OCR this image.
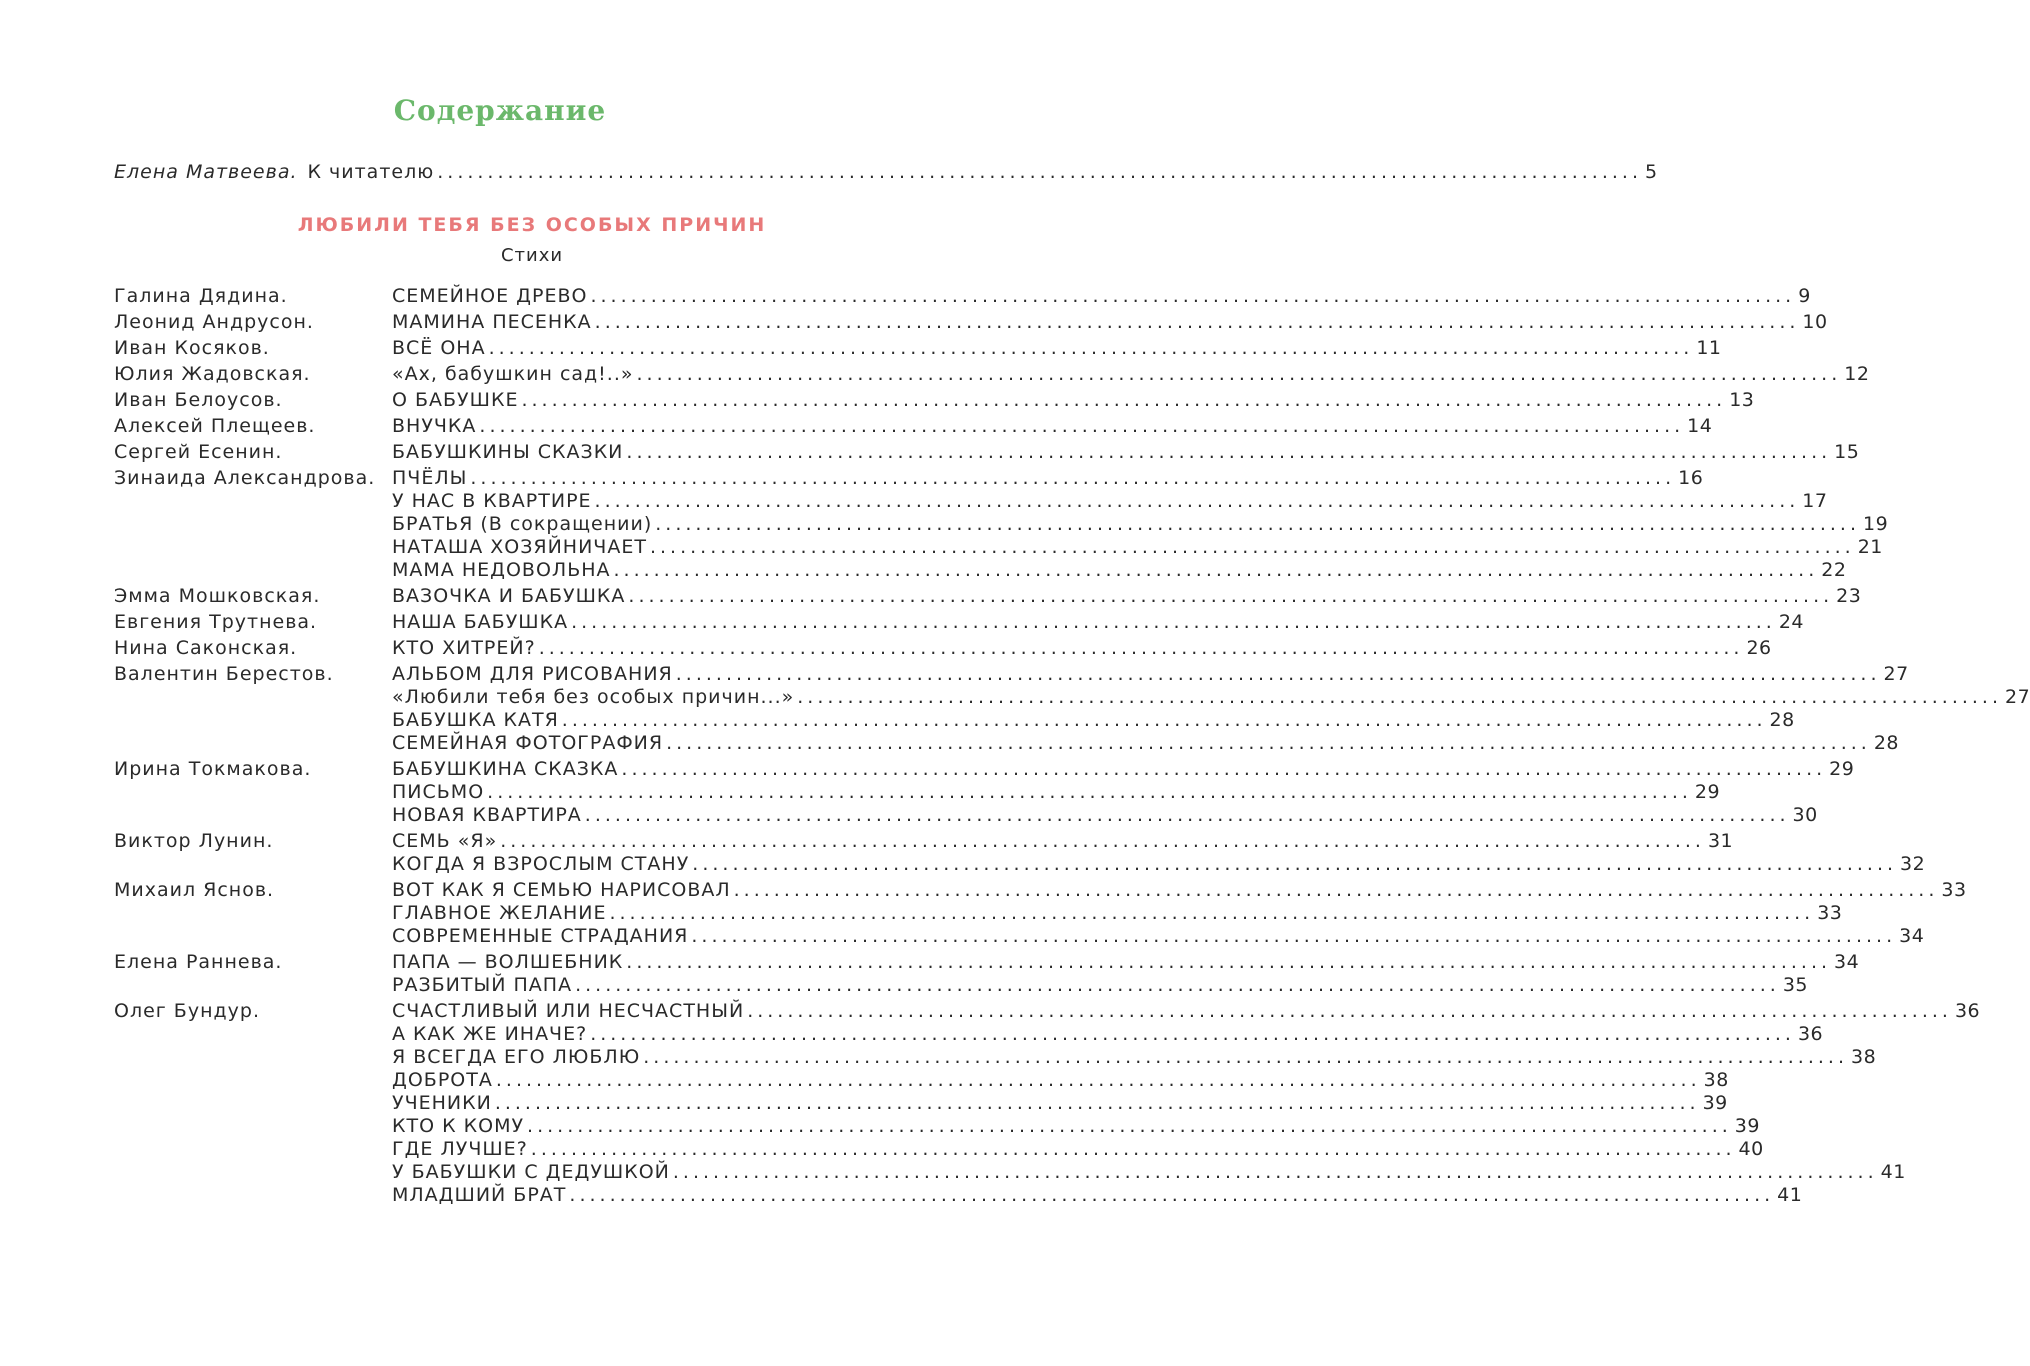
Содержание
Елена Матвеева. К читателю ........................................................................................................................ 5
ЛЮБИЛИ ТЕБЯ БЕЗ ОСОБЫХ ПРИЧИН
Стихи
Галина Дядина.	СЕМЕЙНОЕ ДРЕВО ........................................................................................................................ 9
Леонид Андрусон.	МАМИНА ПЕСЕНКА ........................................................................................................................ 10
Иван Косяков.	ВСЁ ОНА ........................................................................................................................ 11
Юлия Жадовская.	«Ах, бабушкин сад!..» ........................................................................................................................ 12
Иван Белоусов.	О БАБУШКЕ ........................................................................................................................ 13
Алексей Плещеев.	ВНУЧКА ........................................................................................................................ 14
Сергей Есенин.	БАБУШКИНЫ СКАЗКИ ........................................................................................................................ 15
Зинаида Александрова. ПЧЁЛЫ ........................................................................................................................ 16
У НАС В КВАРТИРЕ ........................................................................................................................ 17
БРАТЬЯ (В сокращении) ........................................................................................................................ 19
НАТАША ХОЗЯЙНИЧАЕТ ........................................................................................................................ 21
МАМА НЕДОВОЛЬНА ........................................................................................................................ 22
Эмма Мошковская.	ВАЗОЧКА И БАБУШКА ........................................................................................................................ 23
Евгения Трутнева.	НАША БАБУШКА ........................................................................................................................ 24
Нина Саконская.	КТО ХИТРЕЙ? ........................................................................................................................ 26
Валентин Берестов.	АЛЬБОМ ДЛЯ РИСОВАНИЯ ........................................................................................................................ 27
«Любили тебя без особых причин...» ........................................................................................................................ 27
БАБУШКА КАТЯ ........................................................................................................................ 28
СЕМЕЙНАЯ ФОТОГРАФИЯ ........................................................................................................................ 28
Ирина Токмакова.	БАБУШКИНА СКАЗКА ........................................................................................................................ 29
ПИСЬМО ........................................................................................................................ 29
НОВАЯ КВАРТИРА ........................................................................................................................ 30
Виктор Лунин.	СЕМЬ «Я» ........................................................................................................................ 31
КОГДА Я ВЗРОСЛЫМ СТАНУ ........................................................................................................................ 32
Михаил Яснов.	ВОТ КАК Я СЕМЬЮ НАРИСОВАЛ ........................................................................................................................ 33
ГЛАВНОЕ ЖЕЛАНИЕ ........................................................................................................................ 33
СОВРЕМЕННЫЕ СТРАДАНИЯ ........................................................................................................................ 34
Елена Раннева.	ПАПА — ВОЛШЕБНИК ........................................................................................................................ 34
РАЗБИТЫЙ ПАПА ........................................................................................................................ 35
Олег Бундур.	СЧАСТЛИВЫЙ ИЛИ НЕСЧАСТНЫЙ ........................................................................................................................ 36
А КАК ЖЕ ИНАЧЕ? ........................................................................................................................ 36
Я ВСЕГДА ЕГО ЛЮБЛЮ ........................................................................................................................ 38
ДОБРОТА ........................................................................................................................ 38
УЧЕНИКИ ........................................................................................................................ 39
КТО К КОМУ ........................................................................................................................ 39
ГДЕ ЛУЧШЕ? ........................................................................................................................ 40
У БАБУШКИ С ДЕДУШКОЙ ........................................................................................................................ 41
МЛАДШИЙ БРАТ ........................................................................................................................ 41
